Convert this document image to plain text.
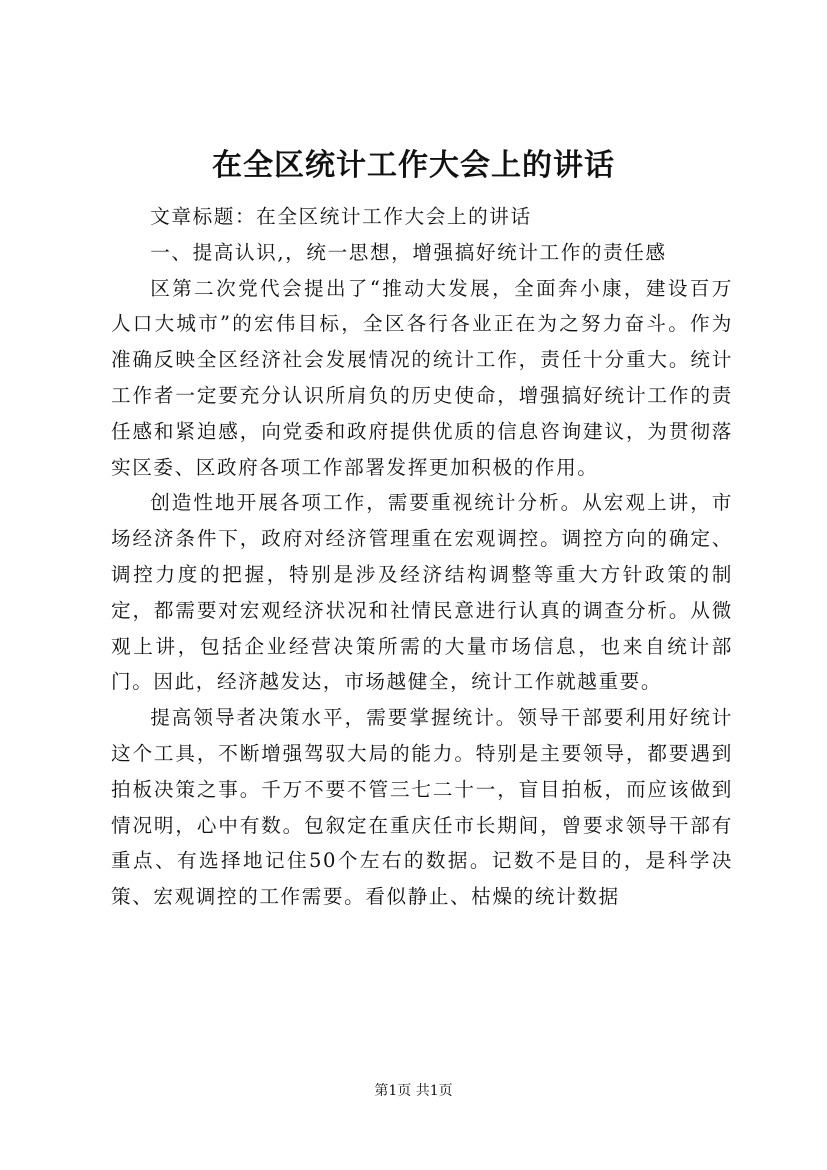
在全区统计工作大会上的讲话

文章标题：在全区统计工作大会上的讲话

一、提高认识,，统一思想，增强搞好统计工作的责任感

区第二次党代会提出了“推动大发展，全面奔小康，建设百万人口大城市”的宏伟目标，全区各行各业正在为之努力奋斗。作为准确反映全区经济社会发展情况的统计工作，责任十分重大。统计工作者一定要充分认识所肩负的历史使命，增强搞好统计工作的责任感和紧迫感，向党委和政府提供优质的信息咨询建议，为贯彻落实区委、区政府各项工作部署发挥更加积极的作用。

创造性地开展各项工作，需要重视统计分析。从宏观上讲，市场经济条件下，政府对经济管理重在宏观调控。调控方向的确定、调控力度的把握，特别是涉及经济结构调整等重大方针政策的制定，都需要对宏观经济状况和社情民意进行认真的调查分析。从微观上讲，包括企业经营决策所需的大量市场信息，也来自统计部门。因此，经济越发达，市场越健全，统计工作就越重要。

提高领导者决策水平，需要掌握统计。领导干部要利用好统计这个工具，不断增强驾驭大局的能力。特别是主要领导，都要遇到拍板决策之事。千万不要不管三七二十一，盲目拍板，而应该做到情况明，心中有数。包叙定在重庆任市长期间，曾要求领导干部有重点、有选择地记住50个左右的数据。记数不是目的，是科学决策、宏观调控的工作需要。看似静止、枯燥的统计数据

第1页 共1页
